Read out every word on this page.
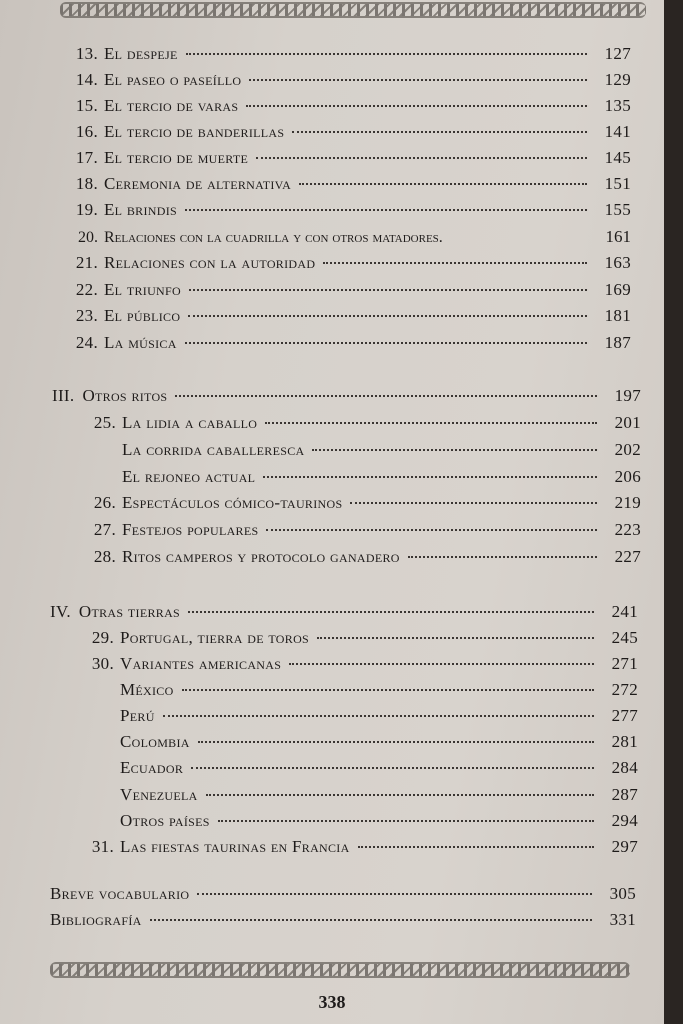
13. El despeje	127
14. El paseo o paseíllo	129
15. El tercio de varas	135
16. El tercio de banderillas	141
17. El tercio de muerte	145
18. Ceremonia de alternativa	151
19. El brindis	155
20. Relaciones con la cuadrilla y con otros matadores.	161
21. Relaciones con la autoridad	163
22. El triunfo	169
23. El público	181
24. La música	187
III. Otros ritos	197
25. La lidia a caballo	201
La corrida caballeresca	202
El rejoneo actual	206
26. Espectáculos cómico-taurinos	219
27. Festejos populares	223
28. Ritos camperos y protocolo ganadero	227
IV. Otras tierras	241
29. Portugal, tierra de toros	245
30. Variantes americanas	271
México	272
Perú	277
Colombia	281
Ecuador	284
Venezuela	287
Otros países	294
31. Las fiestas taurinas en Francia	297
Breve vocabulario	305
Bibliografía	331
338
